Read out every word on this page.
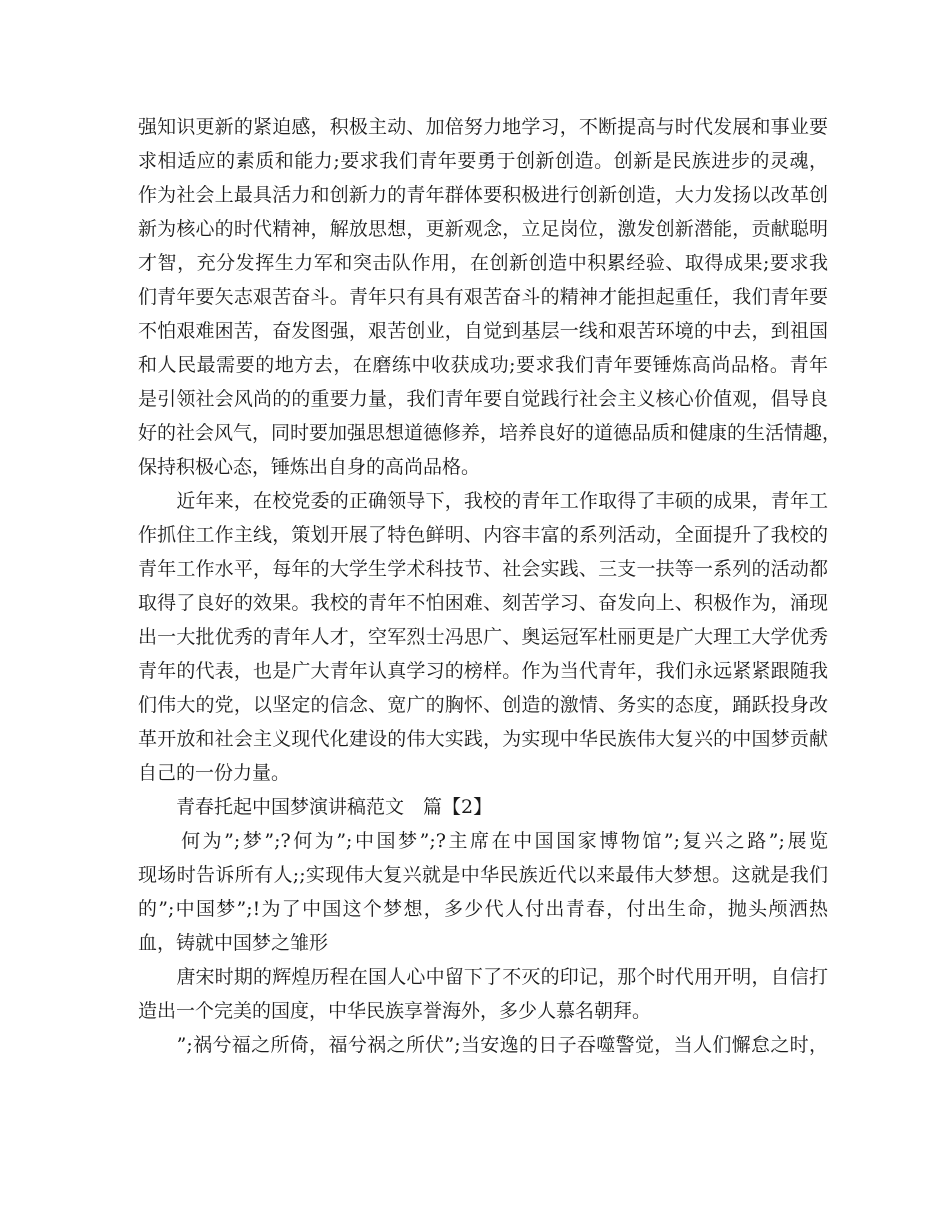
强知识更新的紧迫感，积极主动、加倍努力地学习，不断提高与时代发展和事业要
求相适应的素质和能力;要求我们青年要勇于创新创造。创新是民族进步的灵魂，
作为社会上最具活力和创新力的青年群体要积极进行创新创造，大力发扬以改革创
新为核心的时代精神，解放思想，更新观念，立足岗位，激发创新潜能，贡献聪明
才智，充分发挥生力军和突击队作用，在创新创造中积累经验、取得成果;要求我
们青年要矢志艰苦奋斗。青年只有具有艰苦奋斗的精神才能担起重任，我们青年要
不怕艰难困苦，奋发图强，艰苦创业，自觉到基层一线和艰苦环境的中去，到祖国
和人民最需要的地方去，在磨练中收获成功;要求我们青年要锤炼高尚品格。青年
是引领社会风尚的的重要力量，我们青年要自觉践行社会主义核心价值观，倡导良
好的社会风气，同时要加强思想道德修养，培养良好的道德品质和健康的生活情趣，
保持积极心态，锤炼出自身的高尚品格。
　　近年来，在校党委的正确领导下，我校的青年工作取得了丰硕的成果，青年工
作抓住工作主线，策划开展了特色鲜明、内容丰富的系列活动，全面提升了我校的
青年工作水平，每年的大学生学术科技节、社会实践、三支一扶等一系列的活动都
取得了良好的效果。我校的青年不怕困难、刻苦学习、奋发向上、积极作为，涌现
出一大批优秀的青年人才，空军烈士冯思广、奥运冠军杜丽更是广大理工大学优秀
青年的代表，也是广大青年认真学习的榜样。作为当代青年，我们永远紧紧跟随我
们伟大的党，以坚定的信念、宽广的胸怀、创造的激情、务实的态度，踊跃投身改
革开放和社会主义现代化建设的伟大实践，为实现中华民族伟大复兴的中国梦贡献
自己的一份力量。
　　青春托起中国梦演讲稿范文　篇【2】
　　何为”;梦”;?何为”;中国梦”;?主席在中国国家博物馆”;复兴之路”;展览
现场时告诉所有人;;实现伟大复兴就是中华民族近代以来最伟大梦想。这就是我们
的”;中国梦”;!为了中国这个梦想，多少代人付出青春，付出生命，抛头颅洒热
血，铸就中国梦之雏形
　　唐宋时期的辉煌历程在国人心中留下了不灭的印记，那个时代用开明，自信打
造出一个完美的国度，中华民族享誉海外，多少人慕名朝拜。
　　”;祸兮福之所倚，福兮祸之所伏”;当安逸的日子吞噬警觉，当人们懈怠之时，
